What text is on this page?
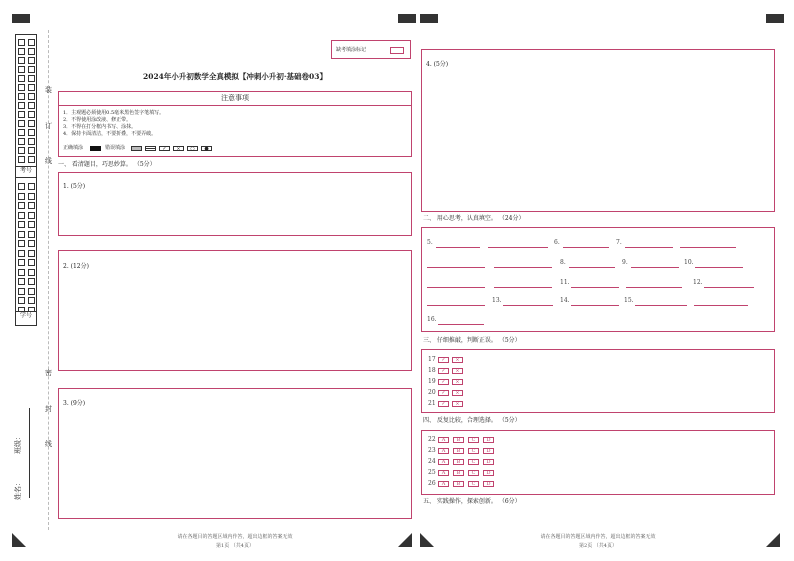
考号
学号
装
订
线
密
封
线
姓名：
班级：
缺考填涂标记
2024年小升初数学全真模拟【冲刺小升初·基础卷03】
注意事项
1．主观题必须使用0.5毫米黑色签字笔填写。
2．不得使用涂改液、修正带。
3．不得在打分框内书写、涂抹。
4．保持卡面清洁，不要折叠，不要弄破。
正确填涂	错误填涂	✓	×	○	●
一、 看清题目，巧思妙算。 （5分）
1. (5分)
2. (12分)
3. (9分)
请在各题目的答题区域内作答，超出边框的答案无效
第1页 （共4页）
4. (5分)
二、 用心思考，认真填空。 （24分）
5.	6.	7.
8.	9.	10.
11.	12.
13.	14.	15.
16.
三、 仔细推敲，判断正误。 （5分）
17	✓	×
18	✓	×
19	✓	×
20	✓	×
21	✓	×
四、 反复比较，合理选择。 （5分）
22	A	B	C	D
23	A	B	C	D
24	A	B	C	D
25	A	B	C	D
26	A	B	C	D
五、 实践操作，探索创新。 （6分）
请在各题目的答题区域内作答，超出边框的答案无效
第2页 （共4页）
